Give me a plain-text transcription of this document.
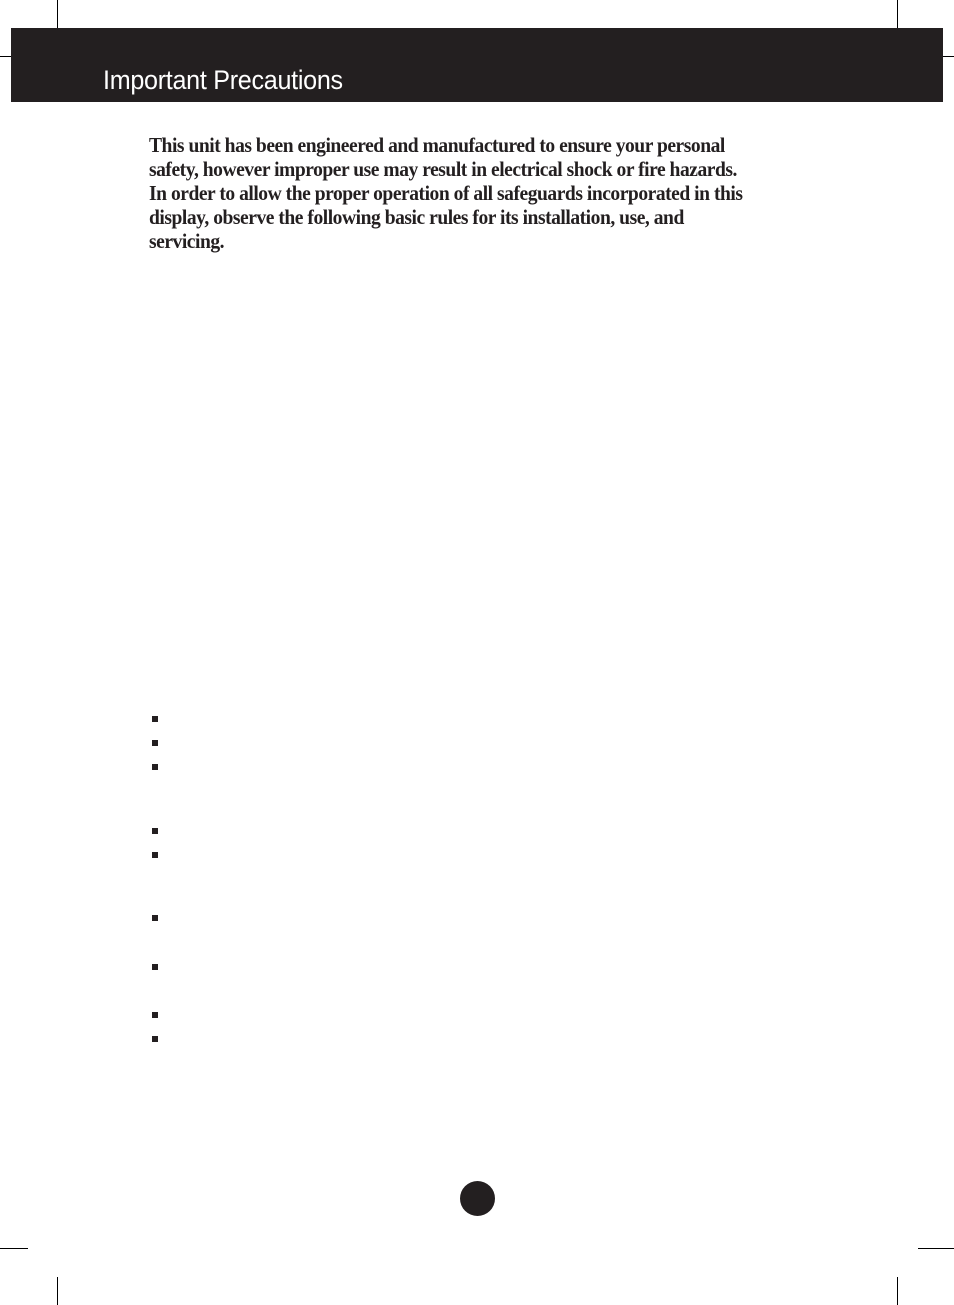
Important Precautions

This unit has been engineered and manufactured to ensure your personal
safety, however improper use may result in electrical shock or fire hazards.
In order to allow the proper operation of all safeguards incorporated in this
display, observe the following basic rules for its installation, use, and
servicing.
